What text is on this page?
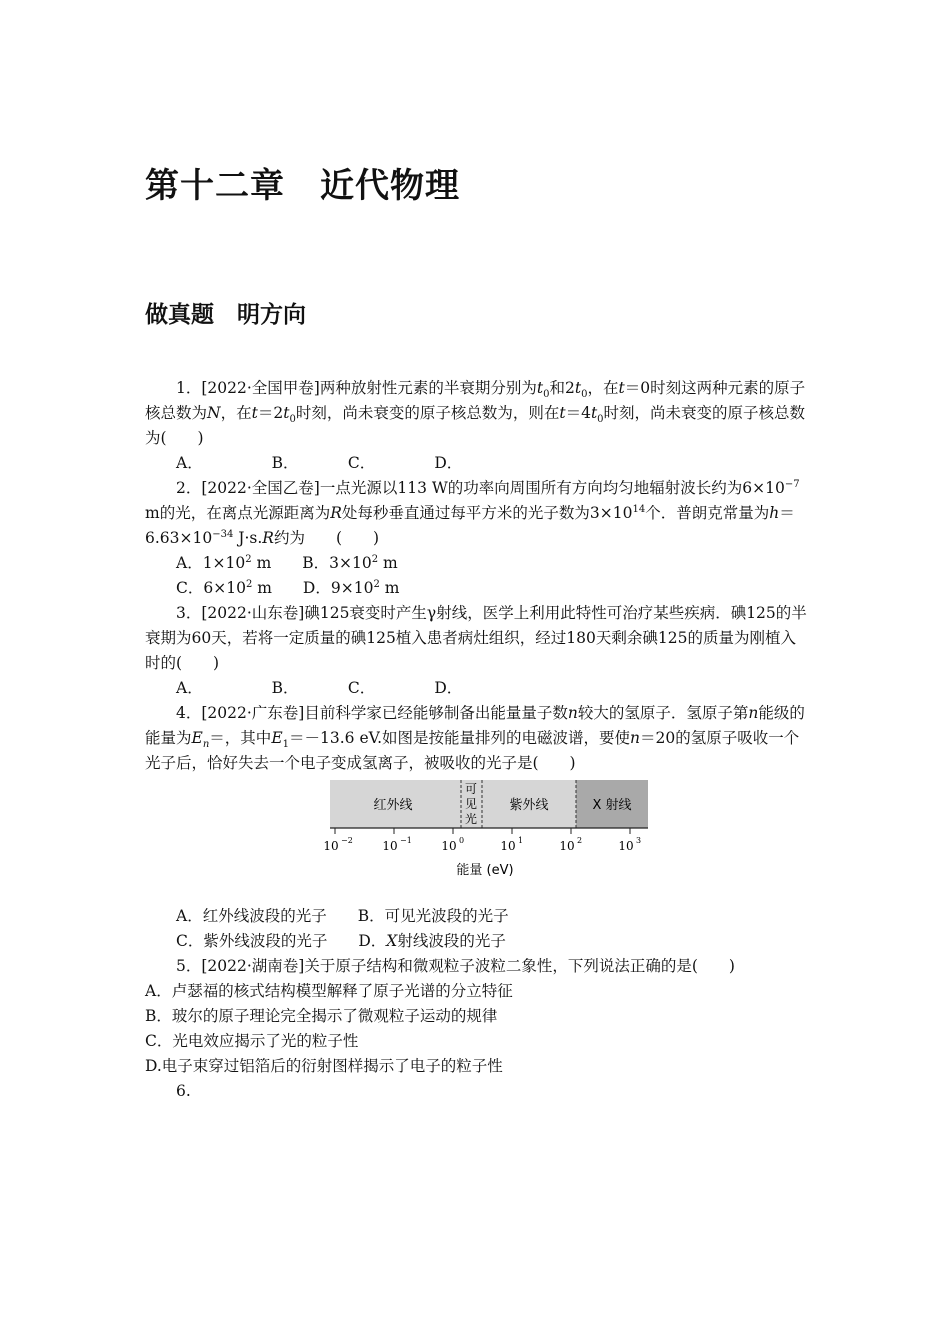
第十二章　近代物理
做真题　明方向

1．[2022·全国甲卷]两种放射性元素的半衰期分别为$t_0$和$2t_0$，在t＝0时刻这两种元素的原子核总数为N，在$t=2t_0$时刻，尚未衰变的原子核总数为，则在$t=4t_0$时刻，尚未衰变的原子核总数为(　　)

A．              B．          C．            D．

2．[2022·全国乙卷]一点光源以113 W的功率向周围所有方向均匀地辐射波长约为$6\times 10^{-7}$ m的光，在离点光源距离为R处每秒垂直通过每平方米的光子数为$3\times 10^{14}$个．普朗克常量为$h=6.63\times 10^{-34}$ J·s.R约为　　(　　)

A．$1\times 10^2$ m　　B．$3\times 10^2$ m

C．$6\times 10^2$ m　　D．$9\times 10^2$ m

3．[2022·山东卷]碘125衰变时产生γ射线，医学上利用此特性可治疗某些疾病．碘125的半衰期为60天，若将一定质量的碘125植入患者病灶组织，经过180天剩余碘125的质量为刚植入时的(　　)

A．              B．          C．            D．

4．[2022·广东卷]目前科学家已经能够制备出能量量子数n较大的氢原子．氢原子第n能级的能量为$E_n=$，其中$E_1=-13.6$ eV.如图是按能量排列的电磁波谱，要使n＝20的氢原子吸收一个光子后，恰好失去一个电子变成氢离子，被吸收的光子是(　　)

红外线
可
见
光
紫外线	X 射线
10 −2 10 −1 10 0	10 1	10 2	10 3
能量 (eV)

A．红外线波段的光子　　B．可见光波段的光子

C．紫外线波段的光子　　D．X射线波段的光子

5．[2022·湖南卷]关于原子结构和微观粒子波粒二象性，下列说法正确的是(　　)

A．卢瑟福的核式结构模型解释了原子光谱的分立特征

B．玻尔的原子理论完全揭示了微观粒子运动的规律

C．光电效应揭示了光的粒子性

D.电子束穿过铝箔后的衍射图样揭示了电子的粒子性

6.
